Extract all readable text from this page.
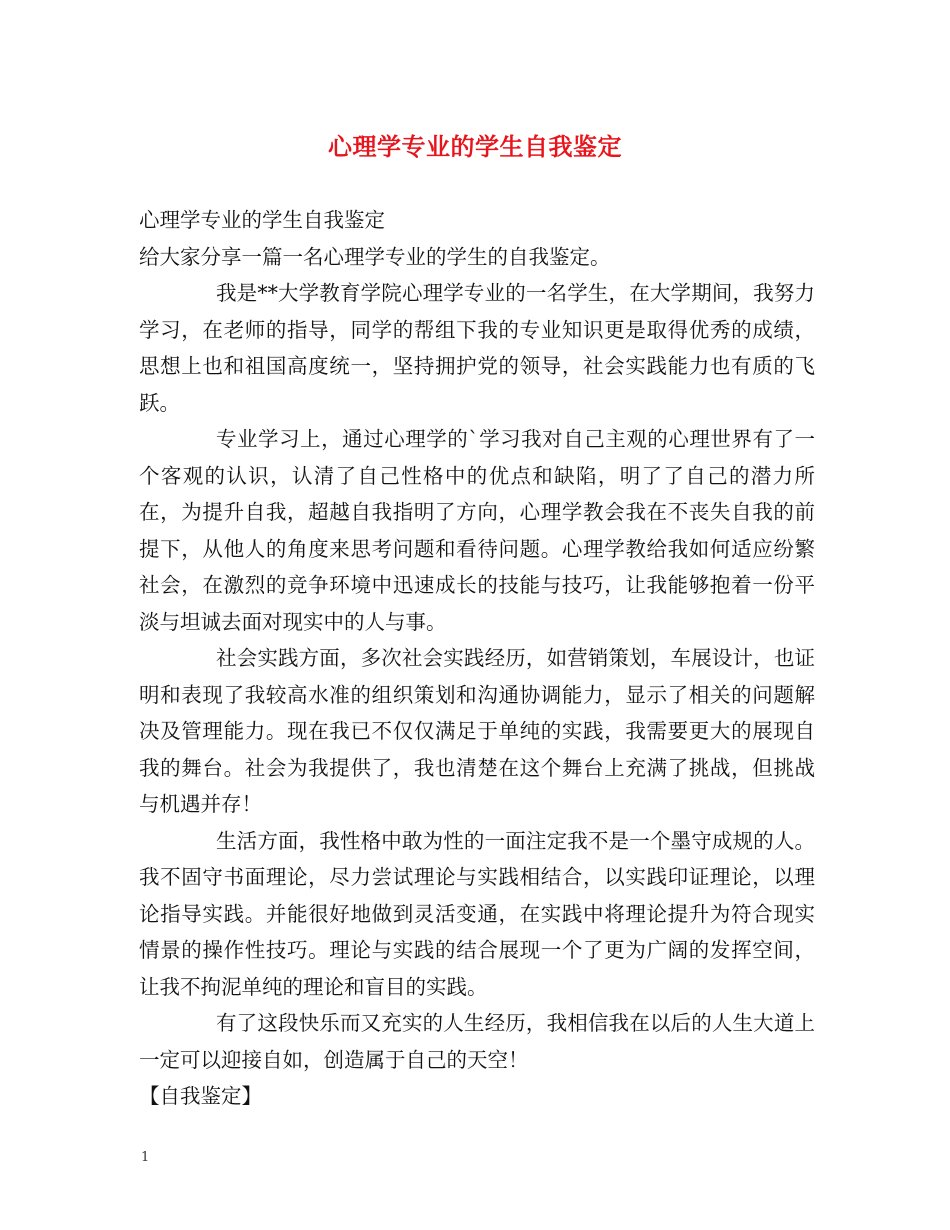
心理学专业的学生自我鉴定

心理学专业的学生自我鉴定

给大家分享一篇一名心理学专业的学生的自我鉴定。

我是**大学教育学院心理学专业的一名学生，在大学期间，我努力学习，在老师的指导，同学的帮组下我的专业知识更是取得优秀的成绩，思想上也和祖国高度统一，坚持拥护党的领导，社会实践能力也有质的飞跃。

专业学习上，通过心理学的`学习我对自己主观的心理世界有了一个客观的认识，认清了自己性格中的优点和缺陷，明了了自己的潜力所在，为提升自我，超越自我指明了方向，心理学教会我在不丧失自我的前提下，从他人的角度来思考问题和看待问题。心理学教给我如何适应纷繁社会，在激烈的竞争环境中迅速成长的技能与技巧，让我能够抱着一份平淡与坦诚去面对现实中的人与事。

社会实践方面，多次社会实践经历，如营销策划，车展设计，也证明和表现了我较高水准的组织策划和沟通协调能力，显示了相关的问题解决及管理能力。现在我已不仅仅满足于单纯的实践，我需要更大的展现自我的舞台。社会为我提供了，我也清楚在这个舞台上充满了挑战，但挑战与机遇并存！

生活方面，我性格中敢为性的一面注定我不是一个墨守成规的人。我不固守书面理论，尽力尝试理论与实践相结合，以实践印证理论，以理论指导实践。并能很好地做到灵活变通，在实践中将理论提升为符合现实情景的操作性技巧。理论与实践的结合展现一个了更为广阔的发挥空间，让我不拘泥单纯的理论和盲目的实践。

有了这段快乐而又充实的人生经历，我相信我在以后的人生大道上一定可以迎接自如，创造属于自己的天空！

【自我鉴定】

1
